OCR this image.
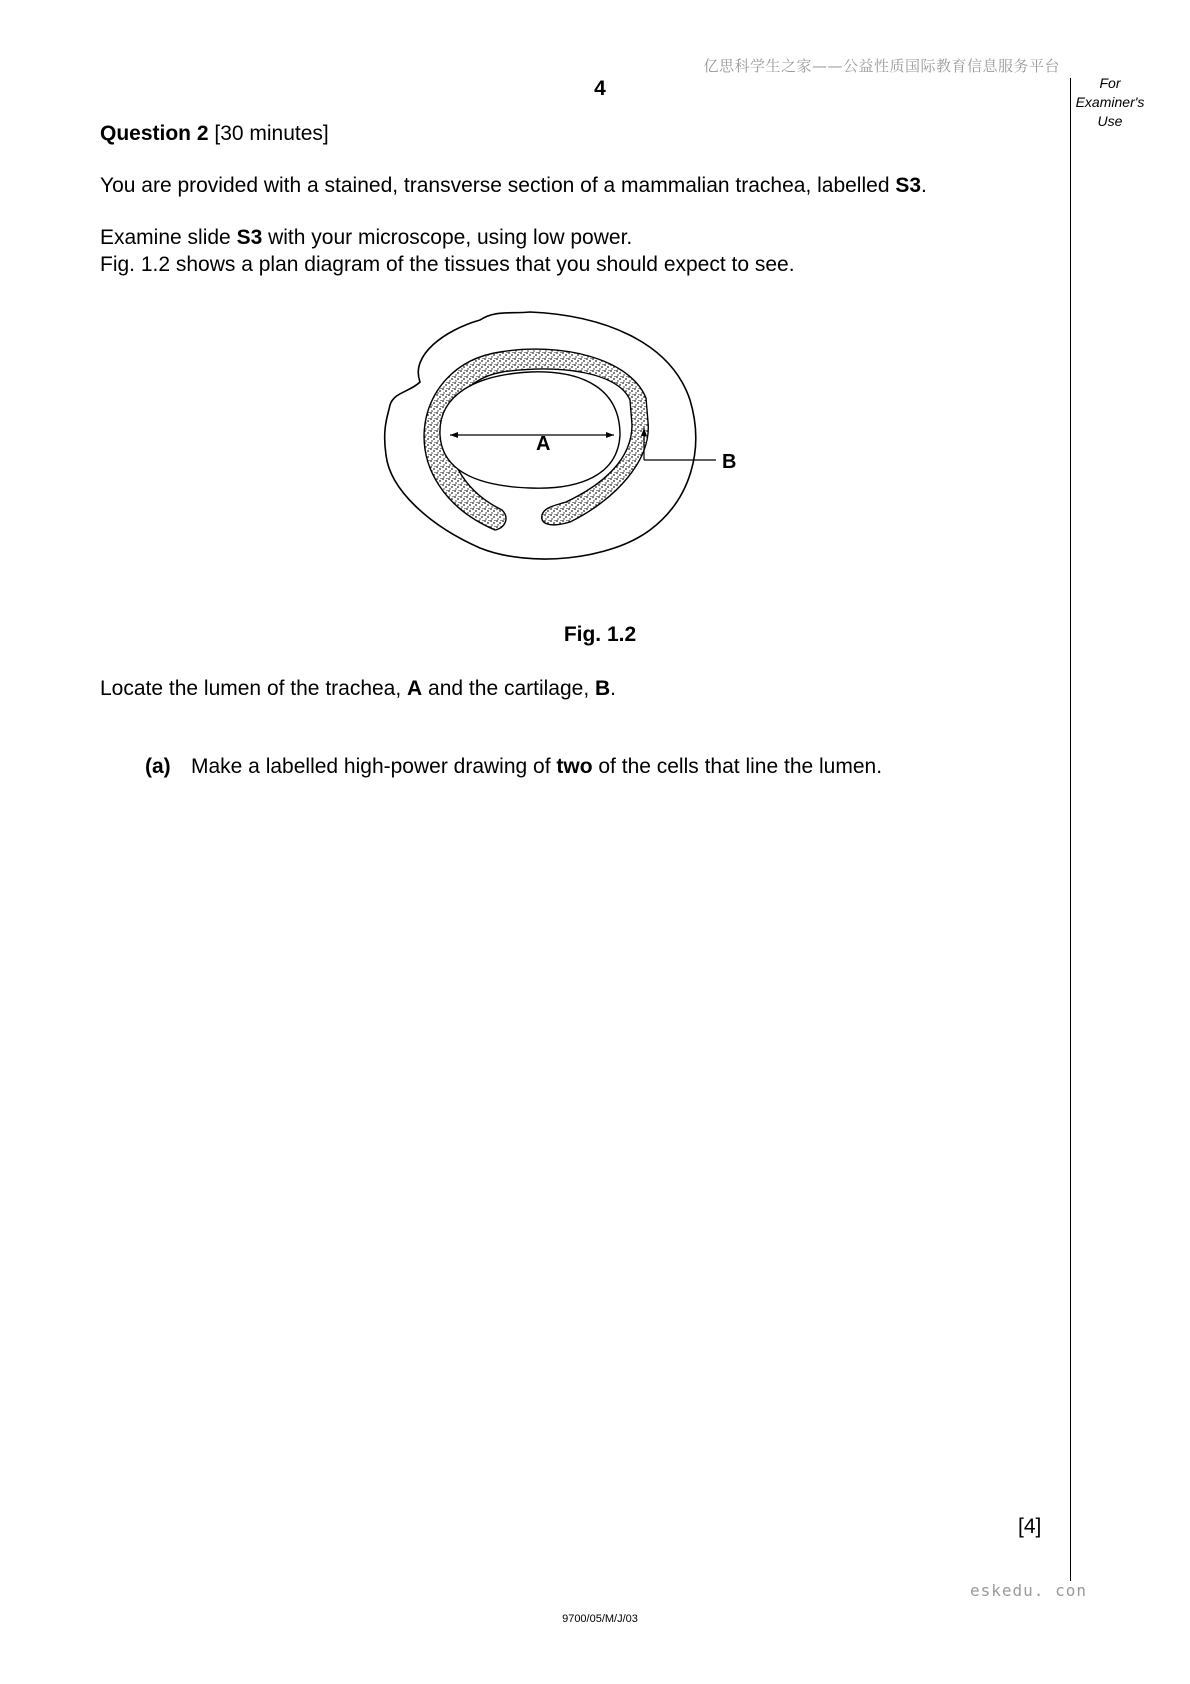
亿思科学生之家——公益性质国际教育信息服务平台
4	For
Examiner's
Use
Question 2 [30 minutes]
You are provided with a stained, transverse section of a mammalian trachea, labelled S3.
Examine slide S3 with your microscope, using low power.
Fig. 1.2 shows a plan diagram of the tissues that you should expect to see.
A
B
Fig. 1.2
Locate the lumen of the trachea, A and the cartilage, B.
(a) Make a labelled high-power drawing of two of the cells that line the lumen.
[4]
eskedu. con
9700/05/M/J/03
